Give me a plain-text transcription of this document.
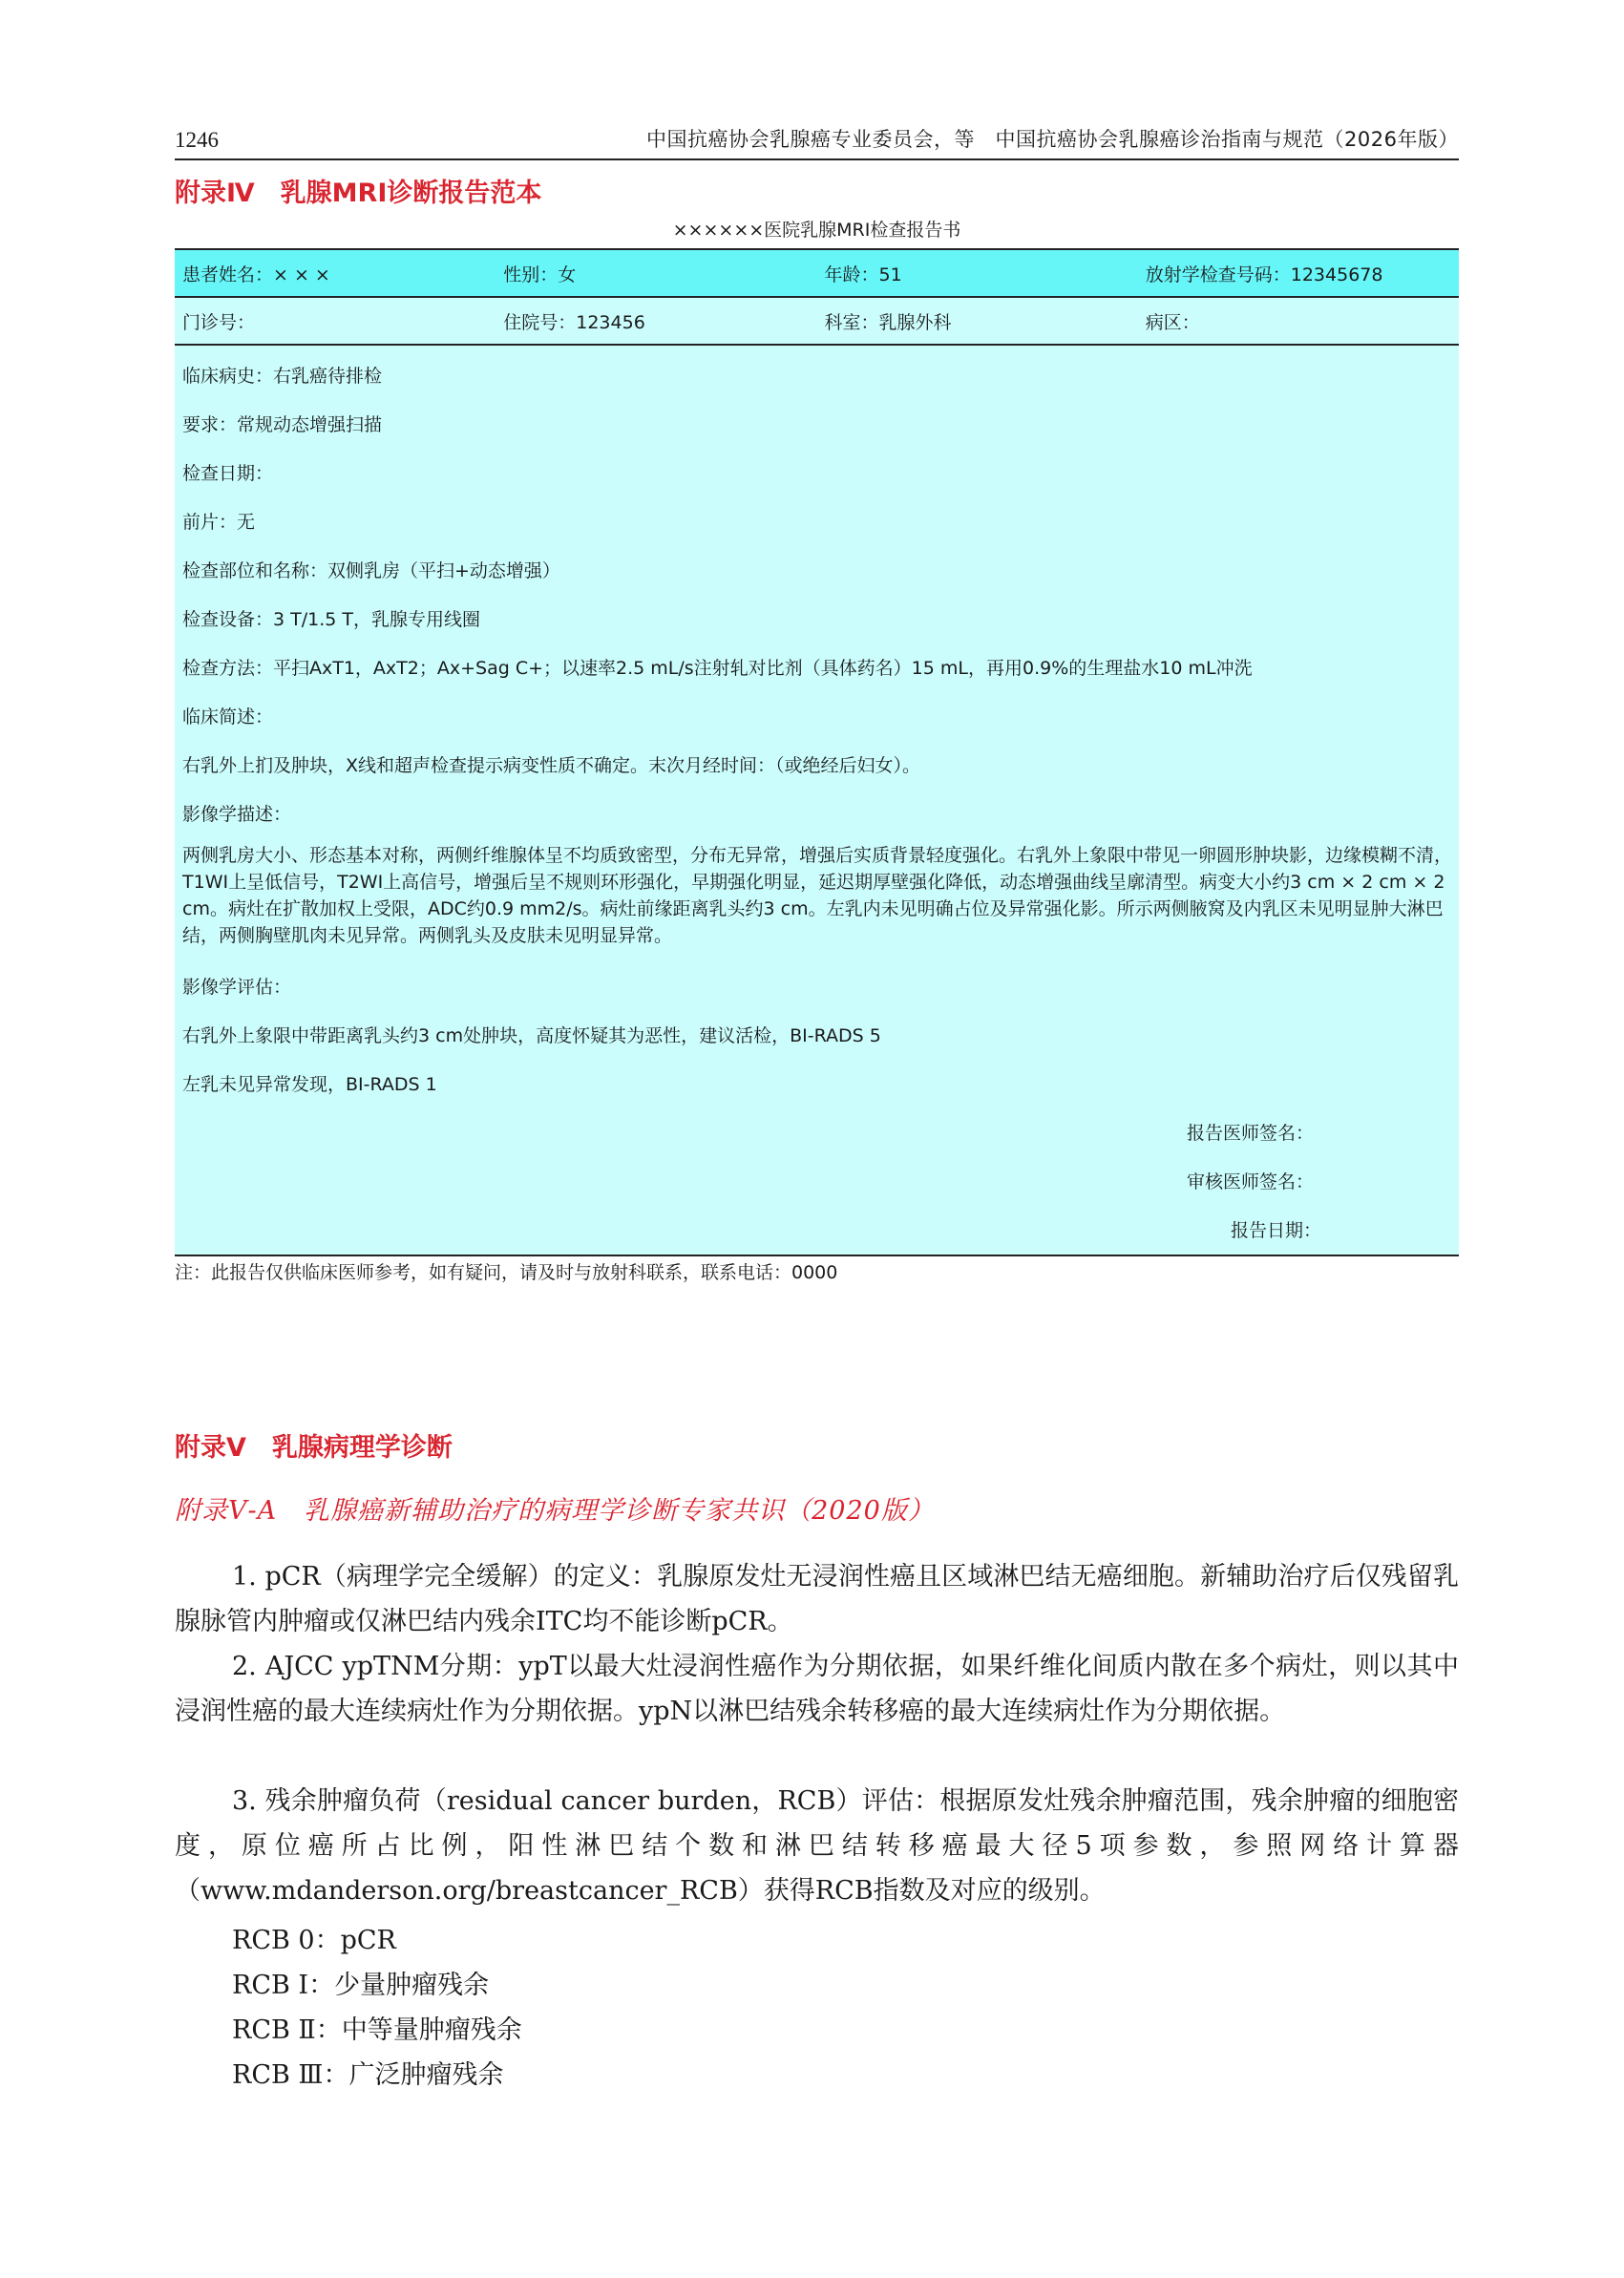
1246	中国抗癌协会乳腺癌专业委员会，等　中国抗癌协会乳腺癌诊治指南与规范（2026年版）
附录Ⅳ　乳腺MRI诊断报告范本
××××××医院乳腺MRI检查报告书
患者姓名：× × ×	性别：女	年龄：51	放射学检查号码：12345678
门诊号：	住院号：123456	科室：乳腺外科	病区：
临床病史：右乳癌待排检
要求：常规动态增强扫描
检查日期：
前片：无
检查部位和名称：双侧乳房（平扫+动态增强）
检查设备：3 T/1.5 T，乳腺专用线圈
检查方法：平扫AxT1，AxT2；Ax+Sag C+；以速率2.5 mL/s注射轧对比剂（具体药名）15 mL，再用0.9%的生理盐水10 mL冲洗
临床简述：
右乳外上扪及肿块，X线和超声检查提示病变性质不确定。末次月经时间：（或绝经后妇女）。
影像学描述：
两侧乳房大小、形态基本对称，两侧纤维腺体呈不均质致密型，分布无异常，增强后实质背景轻度强化。右乳外上象限中带见一卵圆形肿块影，边缘模糊不清，T1WI上呈低信号，T2WI上高信号，增强后呈不规则环形强化，早期强化明显，延迟期厚壁强化降低，动态增强曲线呈廓清型。病变大小约3 cm × 2 cm × 2 cm。病灶在扩散加权上受限，ADC约0.9 mm2/s。病灶前缘距离乳头约3 cm。左乳内未见明确占位及异常强化影。所示两侧腋窝及内乳区未见明显肿大淋巴结，两侧胸壁肌肉未见异常。两侧乳头及皮肤未见明显异常。
影像学评估：
右乳外上象限中带距离乳头约3 cm处肿块，高度怀疑其为恶性，建议活检，BI-RADS 5
左乳未见异常发现，BI-RADS 1
报告医师签名：
审核医师签名：
报告日期：
注：此报告仅供临床医师参考，如有疑问，请及时与放射科联系，联系电话：0000
附录Ⅴ　乳腺病理学诊断
附录Ⅴ-A　乳腺癌新辅助治疗的病理学诊断专家共识（2020版）
1. pCR（病理学完全缓解）的定义：乳腺原发灶无浸润性癌且区域淋巴结无癌细胞。新辅助治疗后仅残留乳腺脉管内肿瘤或仅淋巴结内残余ITC均不能诊断pCR。
2. AJCC ypTNM分期：ypT以最大灶浸润性癌作为分期依据，如果纤维化间质内散在多个病灶，则以其中浸润性癌的最大连续病灶作为分期依据。ypN以淋巴结残余转移癌的最大连续病灶作为分期依据。
3. 残余肿瘤负荷（residual cancer burden，RCB）评估：根据原发灶残余肿瘤范围，残余肿瘤的细胞密度，原位癌所占比例，阳性淋巴结个数和淋巴结转移癌最大径5项参数，参照网络计算器（www.mdanderson.org/breastcancer_RCB）获得RCB指数及对应的级别。
RCB 0：pCR
RCB Ⅰ：少量肿瘤残余
RCB Ⅱ：中等量肿瘤残余
RCB Ⅲ：广泛肿瘤残余
